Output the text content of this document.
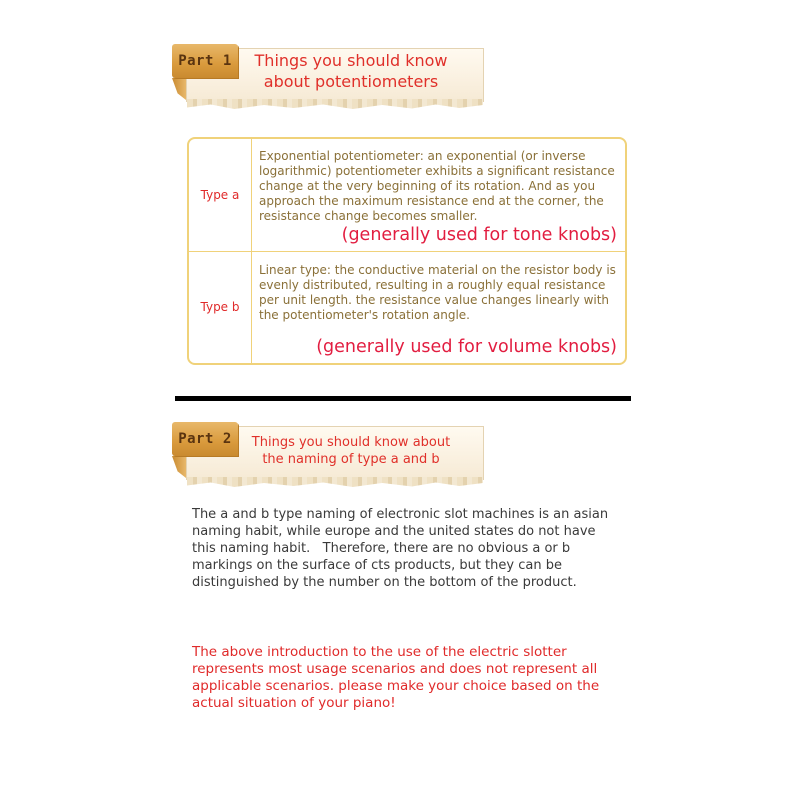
Part 1	Things you should know
about potentiometers
Type a
Exponential potentiometer: an exponential (or inverse logarithmic) potentiometer exhibits a significant resistance change at the very beginning of its rotation. And as you approach the maximum resistance end at the corner, the resistance change becomes smaller.
(generally used for tone knobs)
Type b
Linear type: the conductive material on the resistor body is evenly distributed, resulting in a roughly equal resistance per unit length. the resistance value changes linearly with the potentiometer's rotation angle.
(generally used for volume knobs)
Part 2	Things you should know about
the naming of type a and b

The a and b type naming of electronic slot machines is an asian naming habit, while europe and the united states do not have this naming habit.   Therefore, there are no obvious a or b markings on the surface of cts products, but they can be distinguished by the number on the bottom of the product.

The above introduction to the use of the electric slotter represents most usage scenarios and does not represent all applicable scenarios. please make your choice based on the actual situation of your piano!
